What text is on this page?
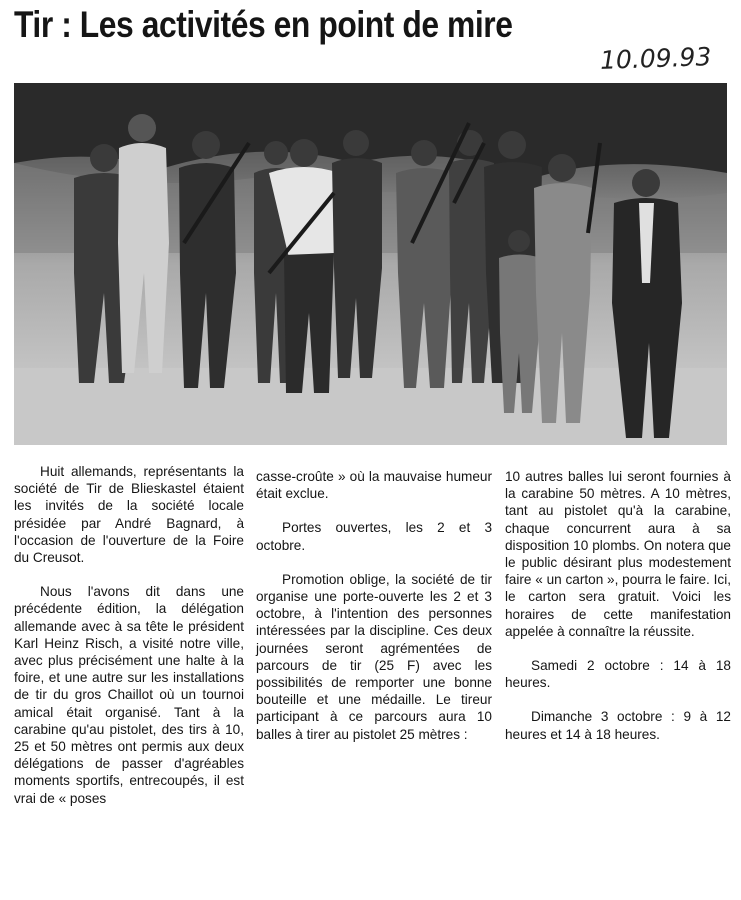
Tir : Les activités en point de mire
10.09.93

Huit allemands, représentants la société de Tir de Blieskastel étaient les invités de la société locale présidée par André Bagnard, à l'occasion de l'ouverture de la Foire du Creusot.

Nous l'avons dit dans une précédente édition, la délégation allemande avec à sa tête le président Karl Heinz Risch, a visité notre ville, avec plus précisément une halte à la foire, et une autre sur les installations de tir du gros Chaillot où un tournoi amical était organisé. Tant à la carabine qu'au pistolet, des tirs à 10, 25 et 50 mètres ont permis aux deux délégations de passer d'agréables moments sportifs, entrecoupés, il est vrai de « poses

casse-croûte » où la mauvaise humeur était exclue.

Portes ouvertes, les 2 et 3 octobre.

Promotion oblige, la société de tir organise une porte-ouverte les 2 et 3 octobre, à l'intention des personnes intéressées par la discipline. Ces deux journées seront agrémentées de parcours de tir (25 F) avec les possibilités de remporter une bonne bouteille et une médaille. Le tireur participant à ce parcours aura 10 balles à tirer au pistolet 25 mètres :

10 autres balles lui seront fournies à la carabine 50 mètres. A 10 mètres, tant au pistolet qu'à la carabine, chaque concurrent aura à sa disposition 10 plombs. On notera que le public désirant plus modestement faire « un carton », pourra le faire. Ici, le carton sera gratuit. Voici les horaires de cette manifestation appelée à connaître la réussite.

Samedi 2 octobre : 14 à 18 heures.

Dimanche 3 octobre : 9 à 12 heures et 14 à 18 heures.
